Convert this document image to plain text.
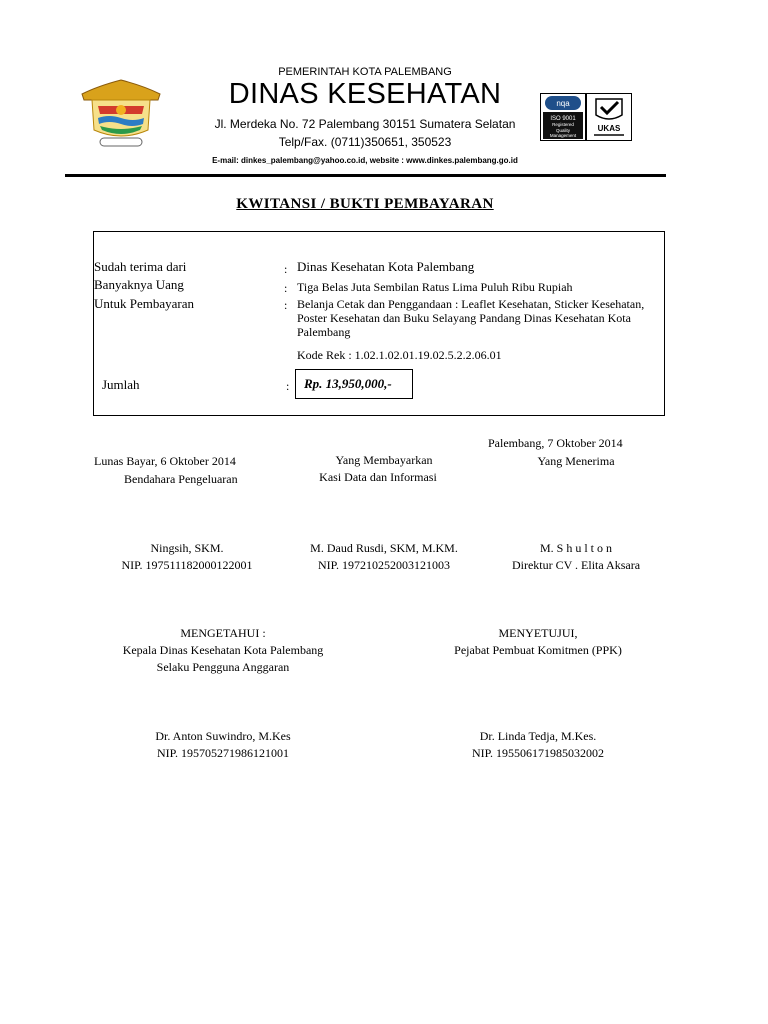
nqa
ISO 9001
Registered
Quality
Management
UKAS
PEMERINTAH KOTA PALEMBANG
DINAS KESEHATAN
Jl. Merdeka No. 72 Palembang 30151 Sumatera Selatan
Telp/Fax. (0711)350651, 350523
E-mail: dinkes_palembang@yahoo.co.id, website : www.dinkes.palembang.go.id
KWITANSI / BUKTI PEMBAYARAN
Sudah terima dari	: Dinas Kesehatan Kota Palembang
Banyaknya Uang	: Tiga Belas Juta Sembilan Ratus Lima Puluh Ribu Rupiah
Untuk Pembayaran	: Belanja Cetak dan Penggandaan : Leaflet Kesehatan, Sticker Kesehatan, Poster Kesehatan dan Buku Selayang Pandang Dinas Kesehatan Kota Palembang
Kode Rek : 1.02.1.02.01.19.02.5.2.2.06.01
Jumlah	:	Rp. 13,950,000,-
Palembang, 7 Oktober 2014
Lunas Bayar, 6 Oktober 2014
Bendahara Pengeluaran
Yang Membayarkan
Kasi Data dan Informasi
Yang Menerima
Ningsih, SKM.
NIP. 197511182000122001
M. Daud Rusdi, SKM, M.KM.
NIP. 197210252003121003
M. S h u l t o n
Direktur CV . Elita Aksara
MENGETAHUI :
Kepala Dinas Kesehatan Kota Palembang
Selaku Pengguna Anggaran
MENYETUJUI,
Pejabat Pembuat Komitmen (PPK)
Dr. Anton Suwindro, M.Kes
NIP. 195705271986121001
Dr. Linda Tedja, M.Kes.
NIP. 195506171985032002
